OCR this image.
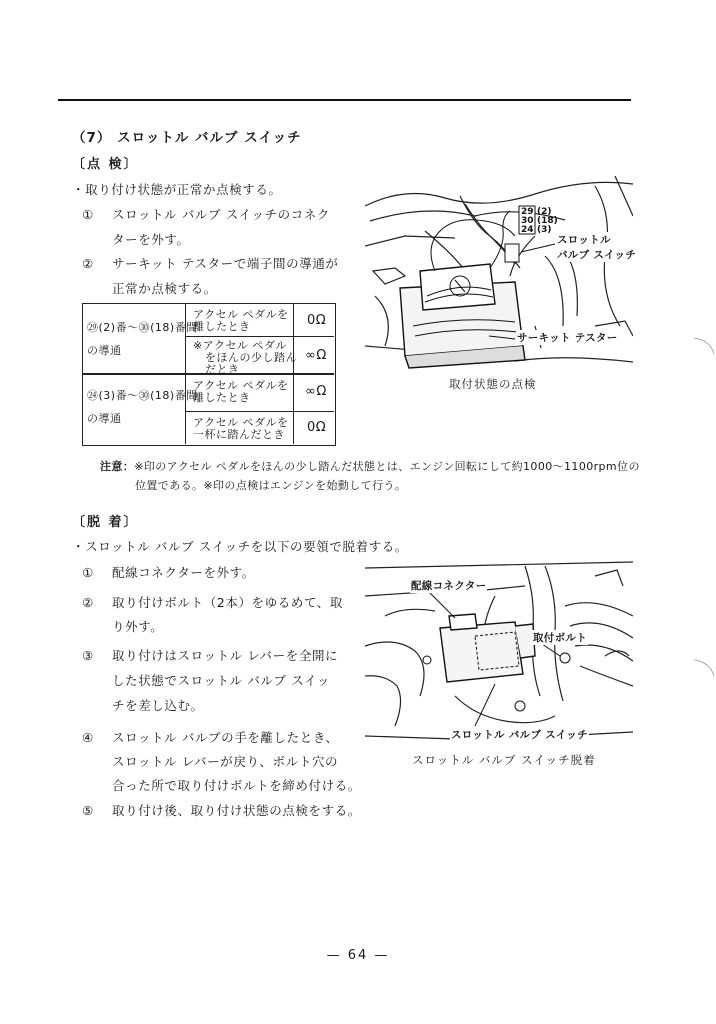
（7） スロットル バルブ スイッチ
〔点 検〕
・取り付け状態が正常か点検する。
① スロットル バルブ スイッチのコネク
ターを外す。
② サーキット テスターで端子間の導通が
正常か点検する。
㉙(2)番〜㉚(18)番間
の導通
アクセル ペダルを
離したとき	0Ω
※アクセル ペダル
をほんの少し踏ん
だとき
∞Ω
㉔(3)番〜㉚(18)番間
の導通
アクセル ペダルを
離したとき	∞Ω
アクセル ペダルを
一杯に踏んだとき 0Ω
29 (2)
30 (18)
24 (3)
スロットル
バルブ スイッチ
サーキット テスター
取付状態の点検
注意：※印のアクセル ペダルをほんの少し踏んだ状態とは、エンジン回転にして約1000〜1100rpm位の
位置である。※印の点検はエンジンを始動して行う。
〔脱 着〕
・スロットル バルブ スイッチを以下の要領で脱着する。
① 配線コネクターを外す。
② 取り付けボルト（2本）をゆるめて、取
り外す。
③ 取り付けはスロットル レバーを全開に
した状態でスロットル バルブ スイッ
チを差し込む。
④ スロットル バルブの手を離したとき、
スロットル レバーが戻り、ボルト穴の
合った所で取り付けボルトを締め付ける。
⑤ 取り付け後、取り付け状態の点検をする。
配線コネクター
取付ボルト
スロットル バルブ スイッチ
スロットル バルブ スイッチ脱着
— 64 —
